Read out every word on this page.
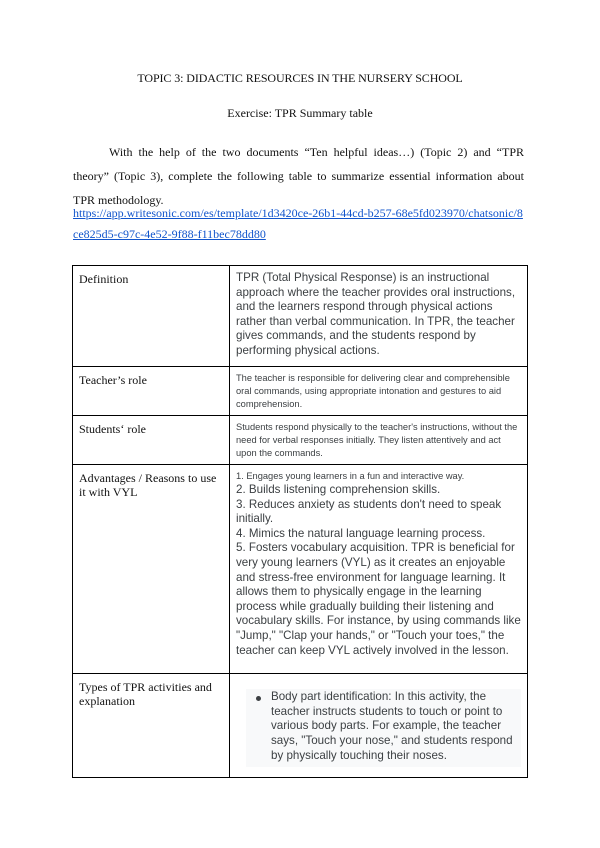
TOPIC 3: DIDACTIC RESOURCES IN THE NURSERY SCHOOL
Exercise: TPR Summary table
With the help of the two documents “Ten helpful ideas…) (Topic 2) and “TPR theory” (Topic 3), complete the following table to summarize essential information about TPR methodology.
https://app.writesonic.com/es/template/1d3420ce-26b1-44cd-b257-68e5fd023970/chatsonic/8ce825d5-c97c-4e52-9f88-f11bec78dd80
Definition	TPR (Total Physical Response) is an instructional approach where the teacher provides oral instructions, and the learners respond through physical actions rather than verbal communication. In TPR, the teacher gives commands, and the students respond by performing physical actions.
Teacher’s role	The teacher is responsible for delivering clear and comprehensible oral commands, using appropriate intonation and gestures to aid comprehension.
Students‘ role	Students respond physically to the teacher's instructions, without the need for verbal responses initially. They listen attentively and act upon the commands.
Advantages / Reasons to use it with VYL	1. Engages young learners in a fun and interactive way.
2. Builds listening comprehension skills.
3. Reduces anxiety as students don't need to speak initially.
4. Mimics the natural language learning process.
5. Fosters vocabulary acquisition. TPR is beneficial for very young learners (VYL) as it creates an enjoyable and stress-free environment for language learning. It allows them to physically engage in the learning process while gradually building their listening and vocabulary skills. For instance, by using commands like "Jump," "Clap your hands," or "Touch your toes," the teacher can keep VYL actively involved in the lesson.

Types of TPR activities and explanation	Body part identification: In this activity, the teacher instructs students to touch or point to various body parts. For example, the teacher says, "Touch your nose," and students respond by physically touching their noses.
